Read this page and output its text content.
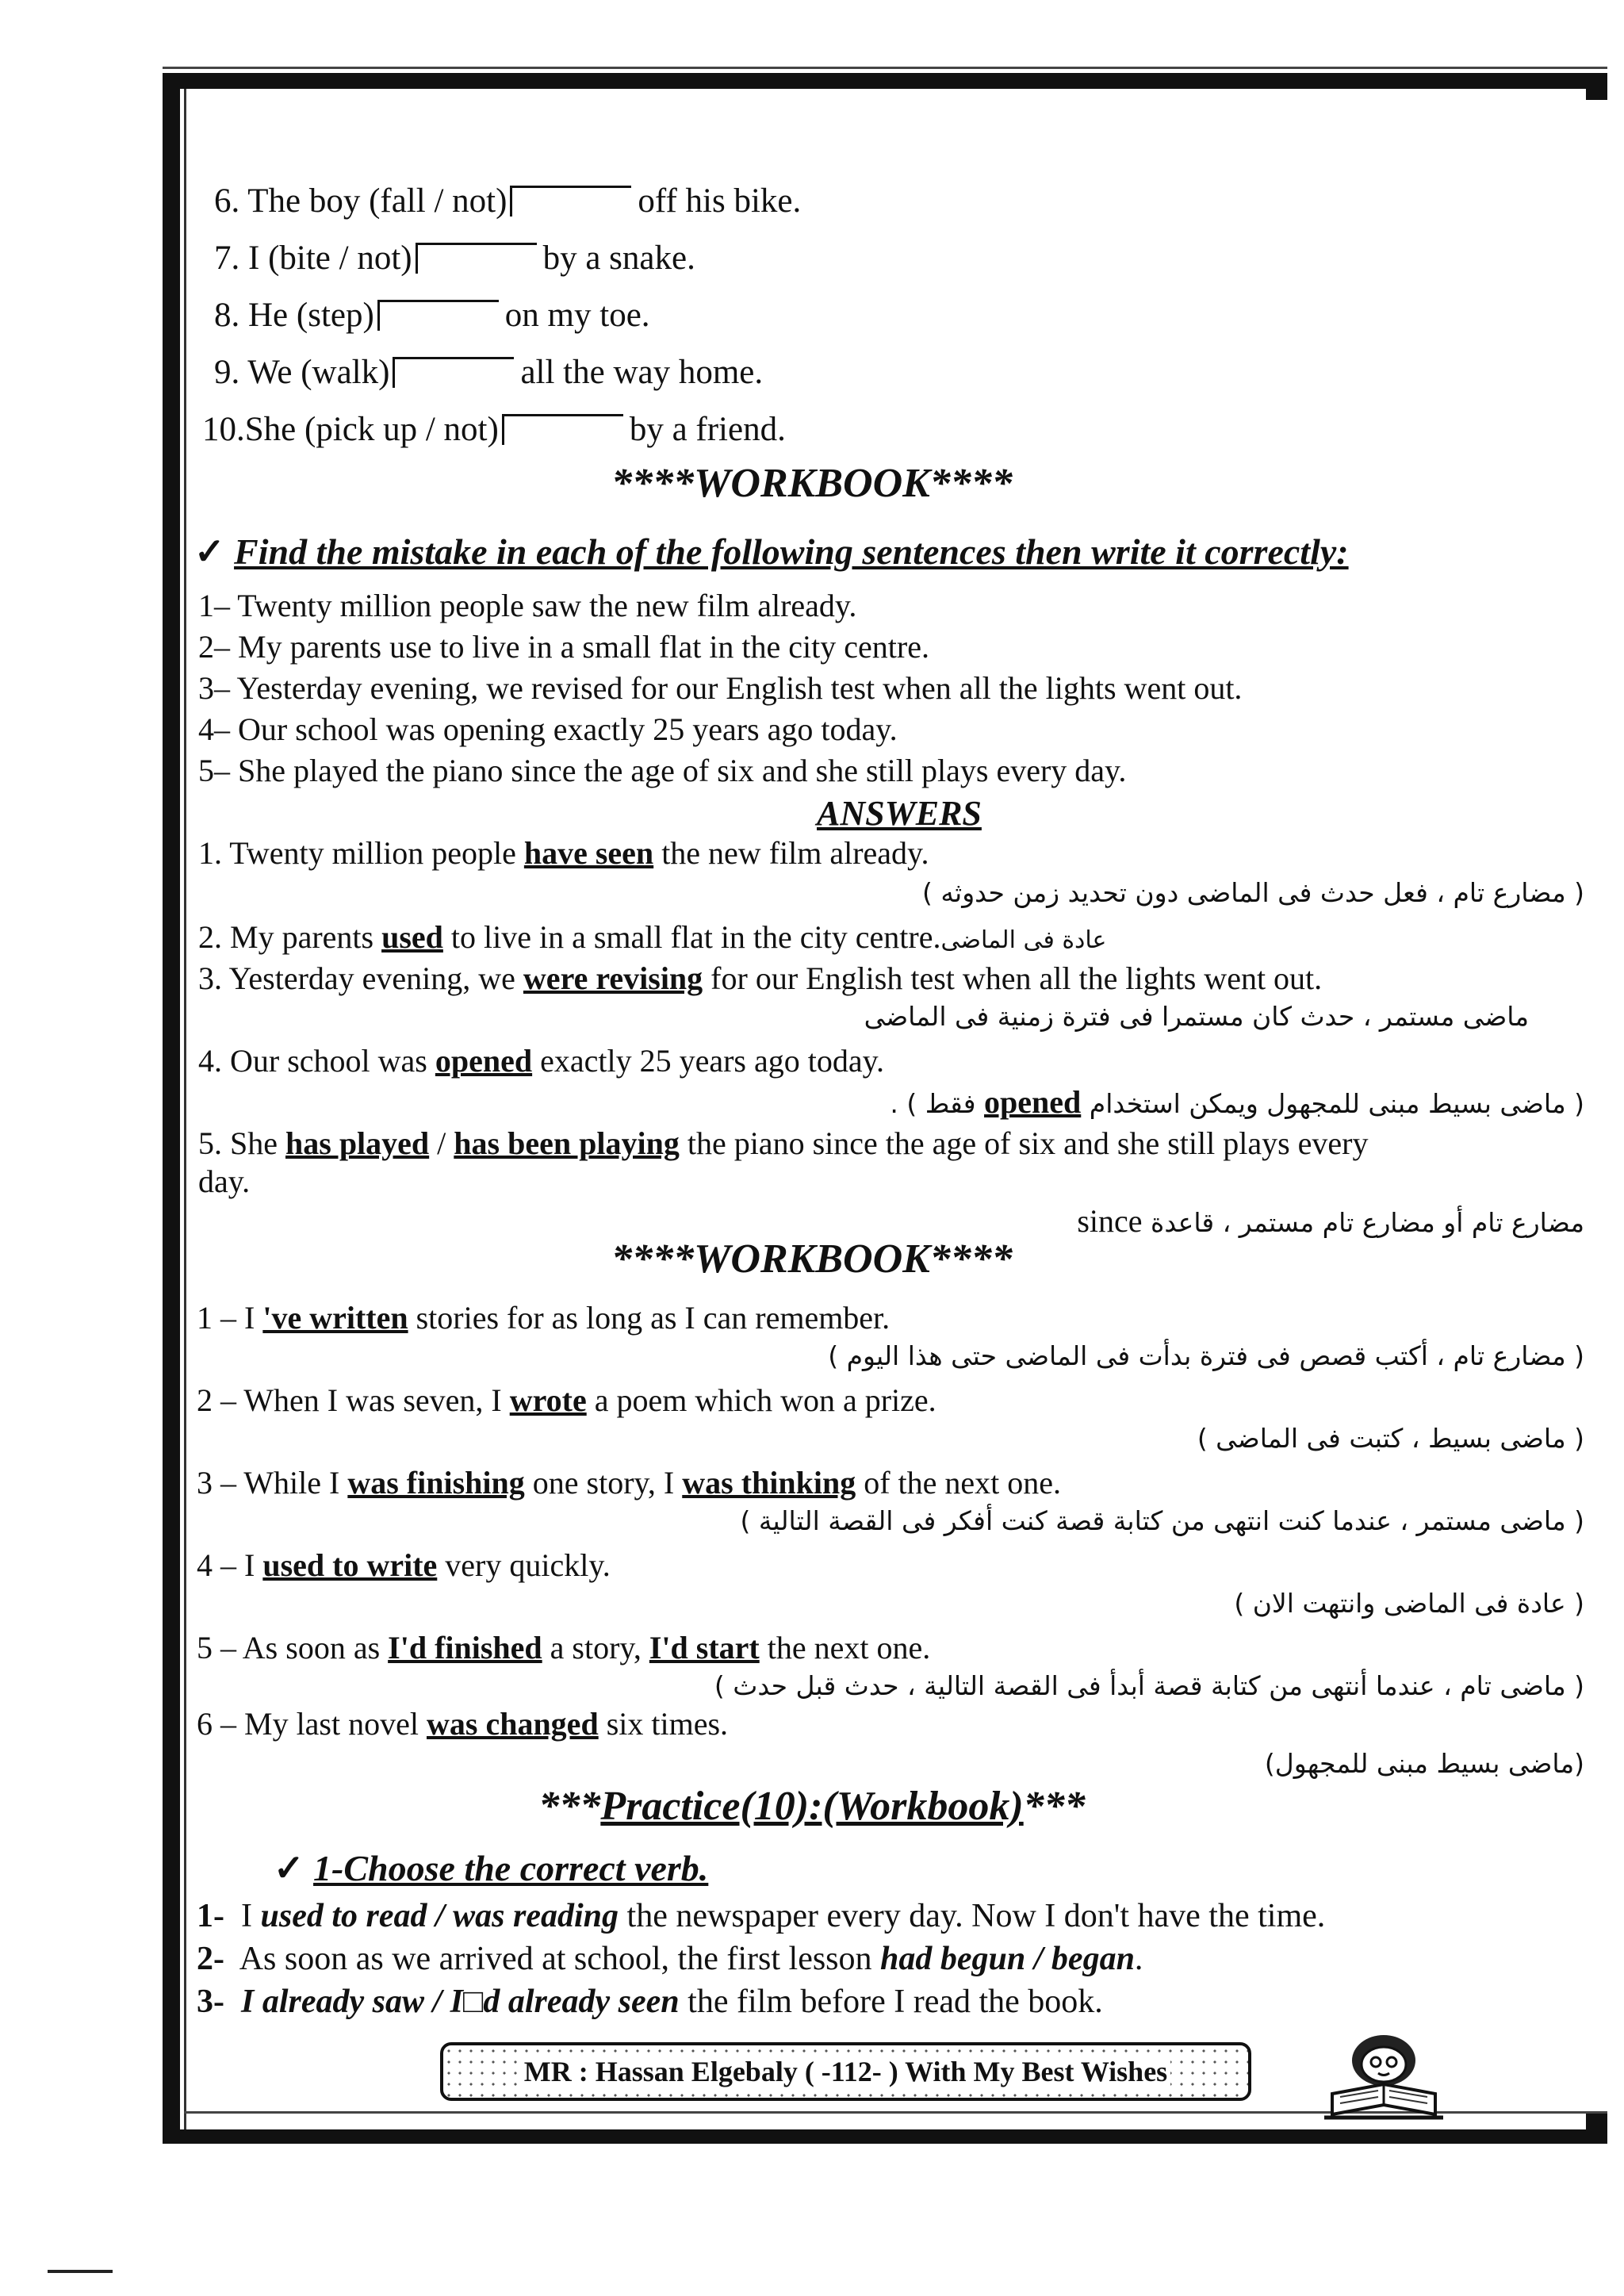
6. The boy (fall / not)	off his bike.
7. I (bite / not)	by a snake.
8. He (step)	on my toe.
9. We (walk)	all the way home.
10.She (pick up / not)	by a friend.
****WORKBOOK****
✓ Find the mistake in each of the following sentences then write it correctly:
1– Twenty million people saw the new film already.
2– My parents use to live in a small flat in the city centre.
3– Yesterday evening, we revised for our English test when all the lights went out.
4– Our school was opening exactly 25 years ago today.
5– She played the piano since the age of six and she still plays every day.
ANSWERS
1. Twenty million people have seen the new film already.
( مضارع تام ، فعل حدث فى الماضى دون تحديد زمن حدوثه )
2. My parents used to live in a small flat in the city centre.عادة فى الماضى
3. Yesterday evening, we were revising for our English test when all the lights went out.
ماضى مستمر ، حدث كان مستمرا فى فترة زمنية فى الماضى
4. Our school was opened exactly 25 years ago today.
( ماضى بسيط مبنى للمجهول ويمكن استخدام opened فقط ) .
5. She has played / has been playing the piano since the age of six and she still plays every
day.
مضارع تام أو مضارع تام مستمر ، قاعدة since
****WORKBOOK****
1 – I 've written stories for as long as I can remember.
( مضارع تام ، أكتب قصص فى فترة بدأت فى الماضى حتى هذا اليوم )
2 – When I was seven, I wrote a poem which won a prize.
( ماضى بسيط ، كتبت فى الماضى )
3 – While I was finishing one story, I was thinking of the next one.
( ماضى مستمر ، عندما كنت انتهى من كتابة قصة كنت أفكر فى القصة التالية )
4 – I used to write very quickly.
( عادة فى الماضى وانتهت الان )
5 – As soon as I'd finished a story, I'd start the next one.
( ماضى تام ، عندما أنتهى من كتابة قصة أبدأ فى القصة التالية ، حدث قبل حدث )
6 – My last novel was changed six times.
(ماضى بسيط مبنى للمجهول)
***Practice(10):(Workbook)***
✓ 1-Choose the correct verb.
1- I used to read / was reading the newspaper every day. Now I don't have the time.
2- As soon as we arrived at school, the first lesson had begun / began.
3- I already saw / I□d already seen the film before I read the book.
MR : Hassan Elgebaly ( -112- ) With My Best Wishes
